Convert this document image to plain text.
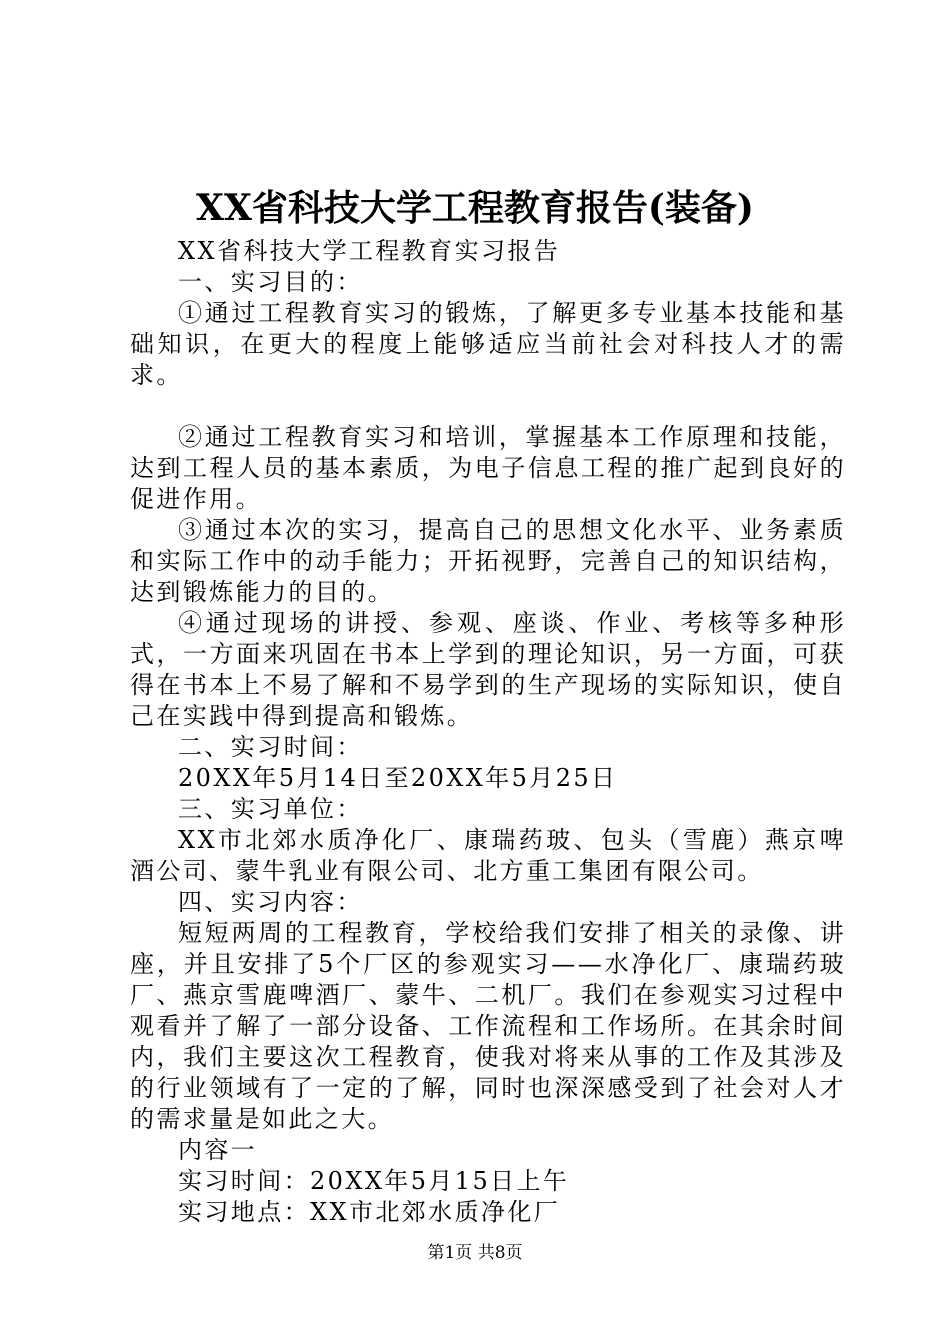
XX省科技大学工程教育报告(装备)

XX省科技大学工程教育实习报告

一、实习目的：

①通过工程教育实习的锻炼，了解更多专业基本技能和基础知识，在更大的程度上能够适应当前社会对科技人才的需求。

②通过工程教育实习和培训，掌握基本工作原理和技能，达到工程人员的基本素质，为电子信息工程的推广起到良好的促进作用。

③通过本次的实习，提高自己的思想文化水平、业务素质和实际工作中的动手能力；开拓视野，完善自己的知识结构，达到锻炼能力的目的。

④通过现场的讲授、参观、座谈、作业、考核等多种形式，一方面来巩固在书本上学到的理论知识，另一方面，可获得在书本上不易了解和不易学到的生产现场的实际知识，使自己在实践中得到提高和锻炼。

二、实习时间：

20XX年5月14日至20XX年5月25日

三、实习单位：

XX市北郊水质净化厂、康瑞药玻、包头（雪鹿）燕京啤酒公司、蒙牛乳业有限公司、北方重工集团有限公司。

四、实习内容：

短短两周的工程教育，学校给我们安排了相关的录像、讲座，并且安排了5个厂区的参观实习——水净化厂、康瑞药玻厂、燕京雪鹿啤酒厂、蒙牛、二机厂。我们在参观实习过程中观看并了解了一部分设备、工作流程和工作场所。在其余时间内，我们主要这次工程教育，使我对将来从事的工作及其涉及的行业领域有了一定的了解，同时也深深感受到了社会对人才的需求量是如此之大。

内容一

实习时间：20XX年5月15日上午

实习地点：XX市北郊水质净化厂

第1页 共8页
